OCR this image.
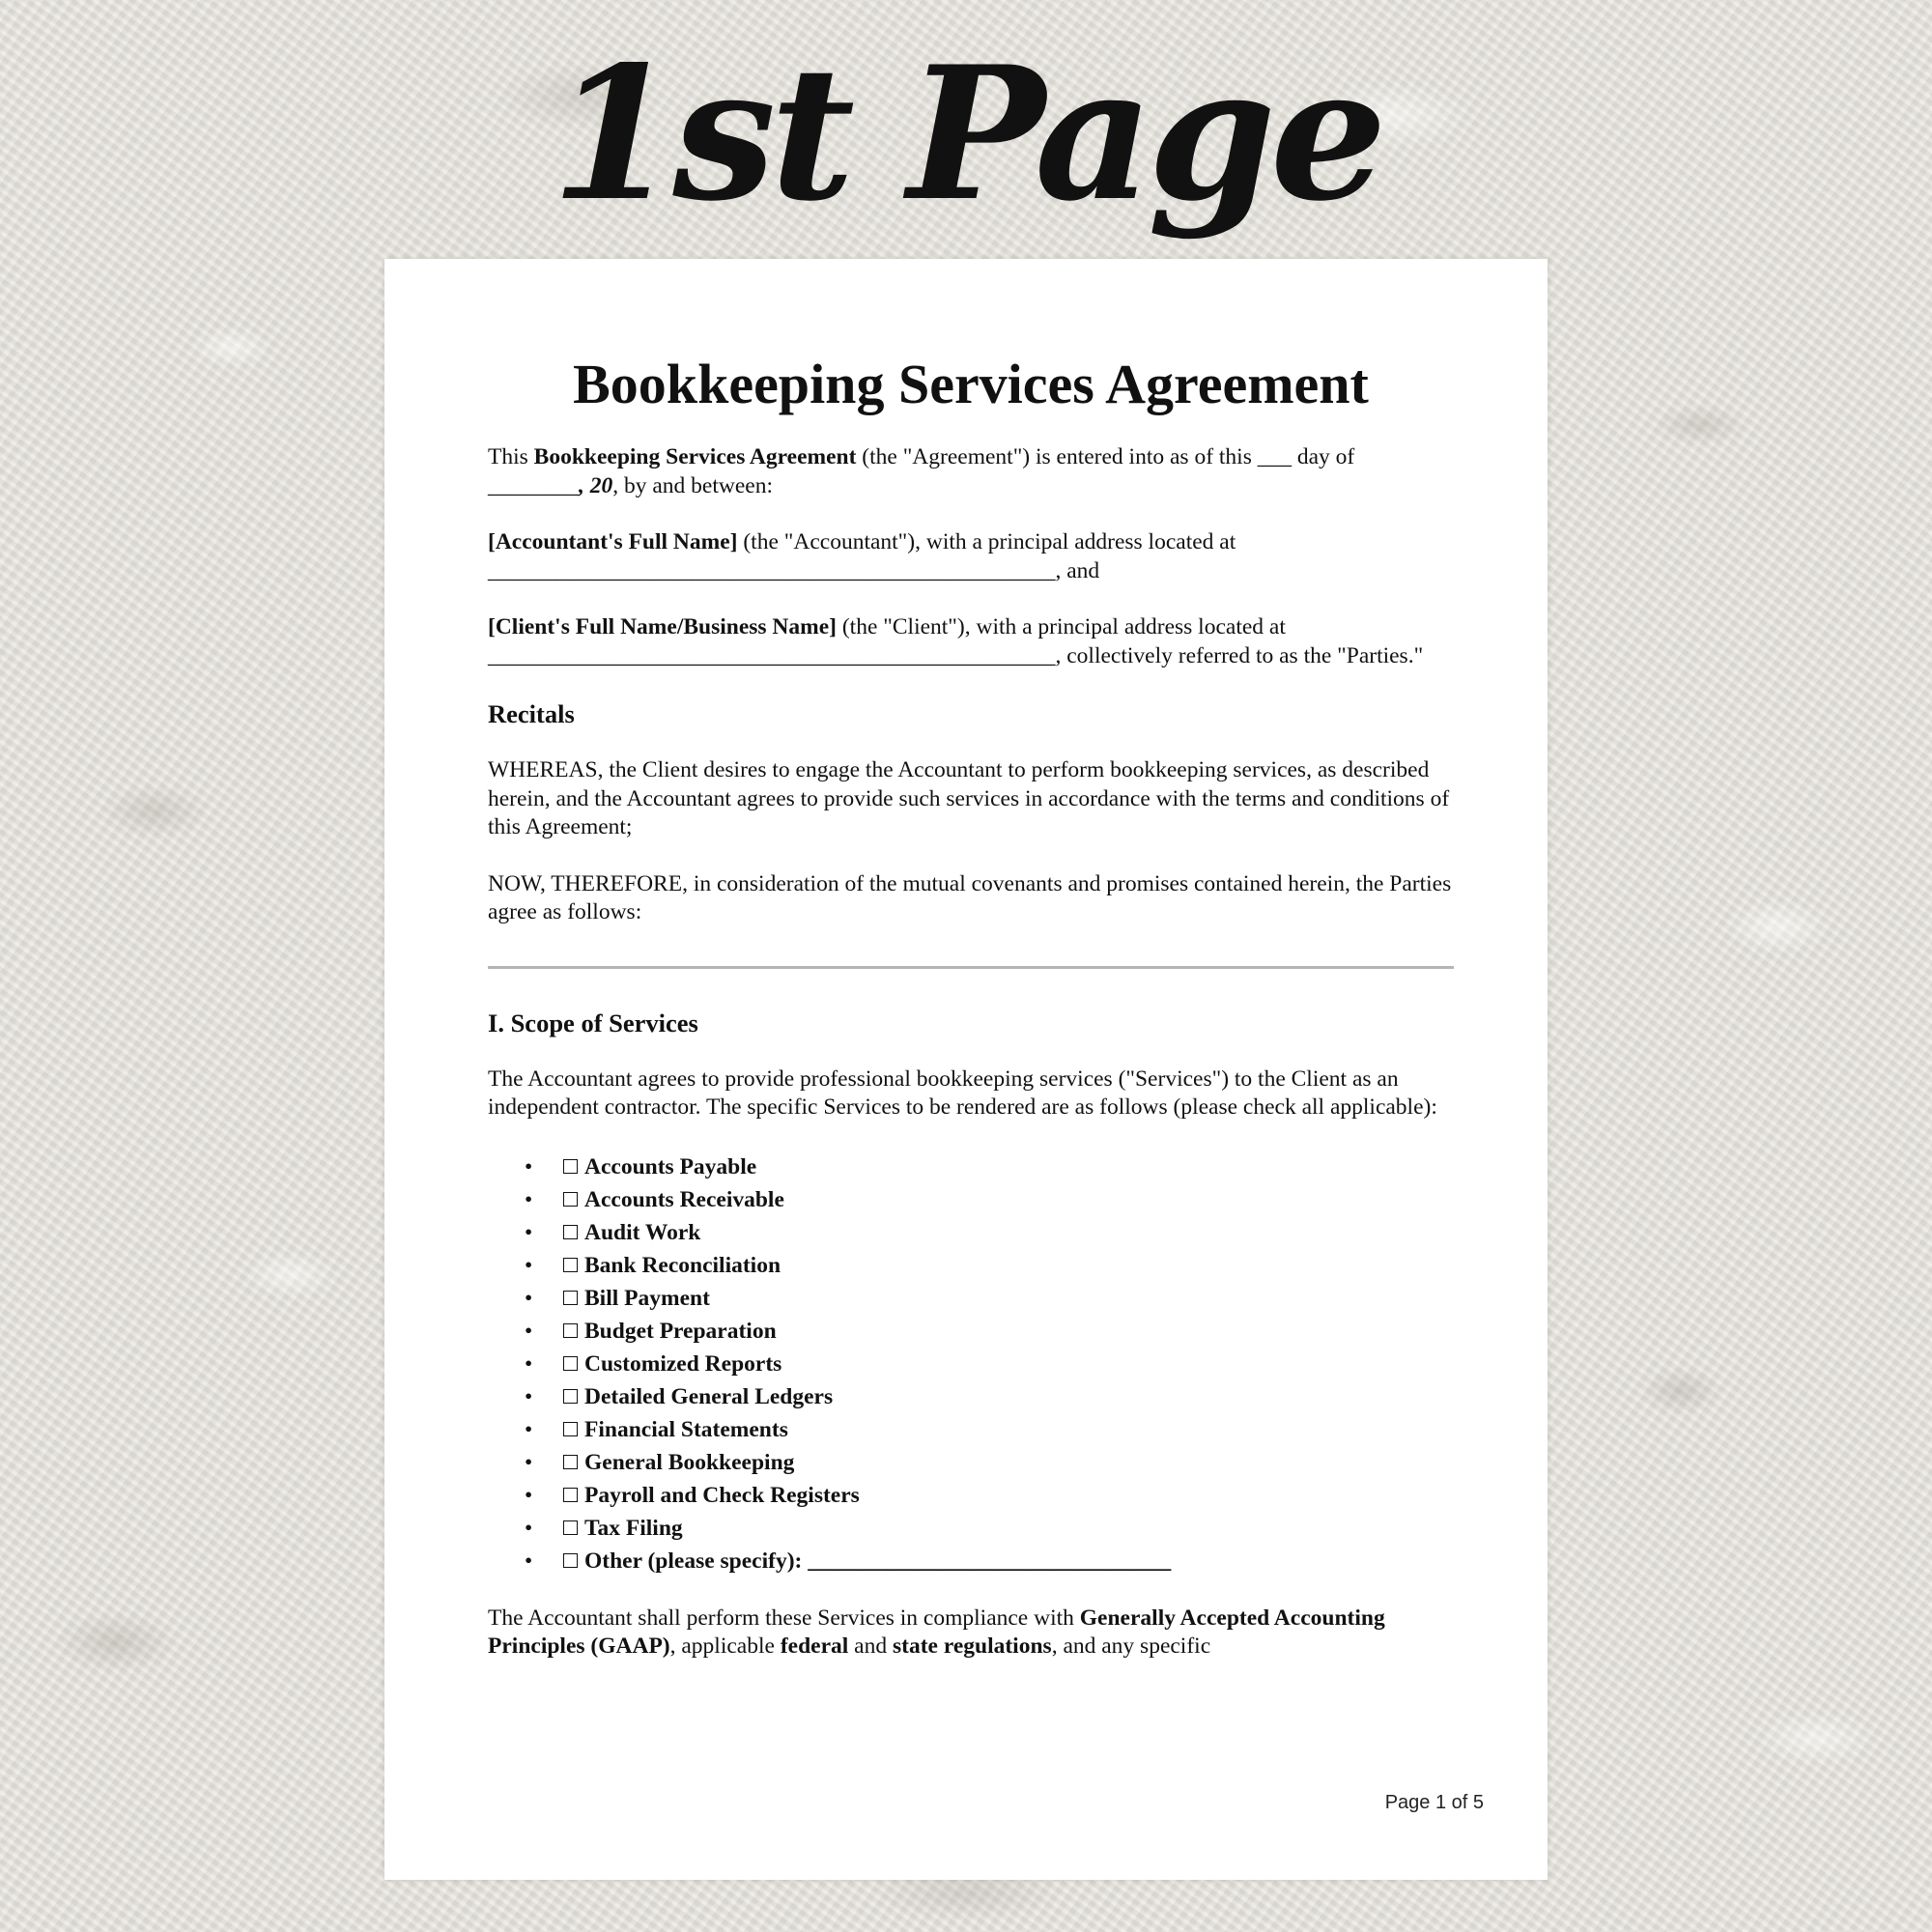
1st Page
Bookkeeping Services Agreement

This Bookkeeping Services Agreement (the "Agreement") is entered into as of this ___ day of ________, 20, by and between:

[Accountant's Full Name] (the "Accountant"), with a principal address located at __________________________________________________, and

[Client's Full Name/Business Name] (the "Client"), with a principal address located at __________________________________________________, collectively referred to as the "Parties."

Recitals

WHEREAS, the Client desires to engage the Accountant to perform bookkeeping services, as described herein, and the Accountant agrees to provide such services in accordance with the terms and conditions of this Agreement;

NOW, THEREFORE, in consideration of the mutual covenants and promises contained herein, the Parties agree as follows:

I. Scope of Services

The Accountant agrees to provide professional bookkeeping services ("Services") to the Client as an independent contractor. The specific Services to be rendered are as follows (please check all applicable):

• Accounts Payable
• Accounts Receivable
• Audit Work
• Bank Reconciliation
• Bill Payment
• Budget Preparation
• Customized Reports
• Detailed General Ledgers
• Financial Statements
• General Bookkeeping
• Payroll and Check Registers
• Tax Filing
• Other (please specify): ________________________________

The Accountant shall perform these Services in compliance with Generally Accepted Accounting Principles (GAAP), applicable federal and state regulations, and any specific

Page 1 of 5
